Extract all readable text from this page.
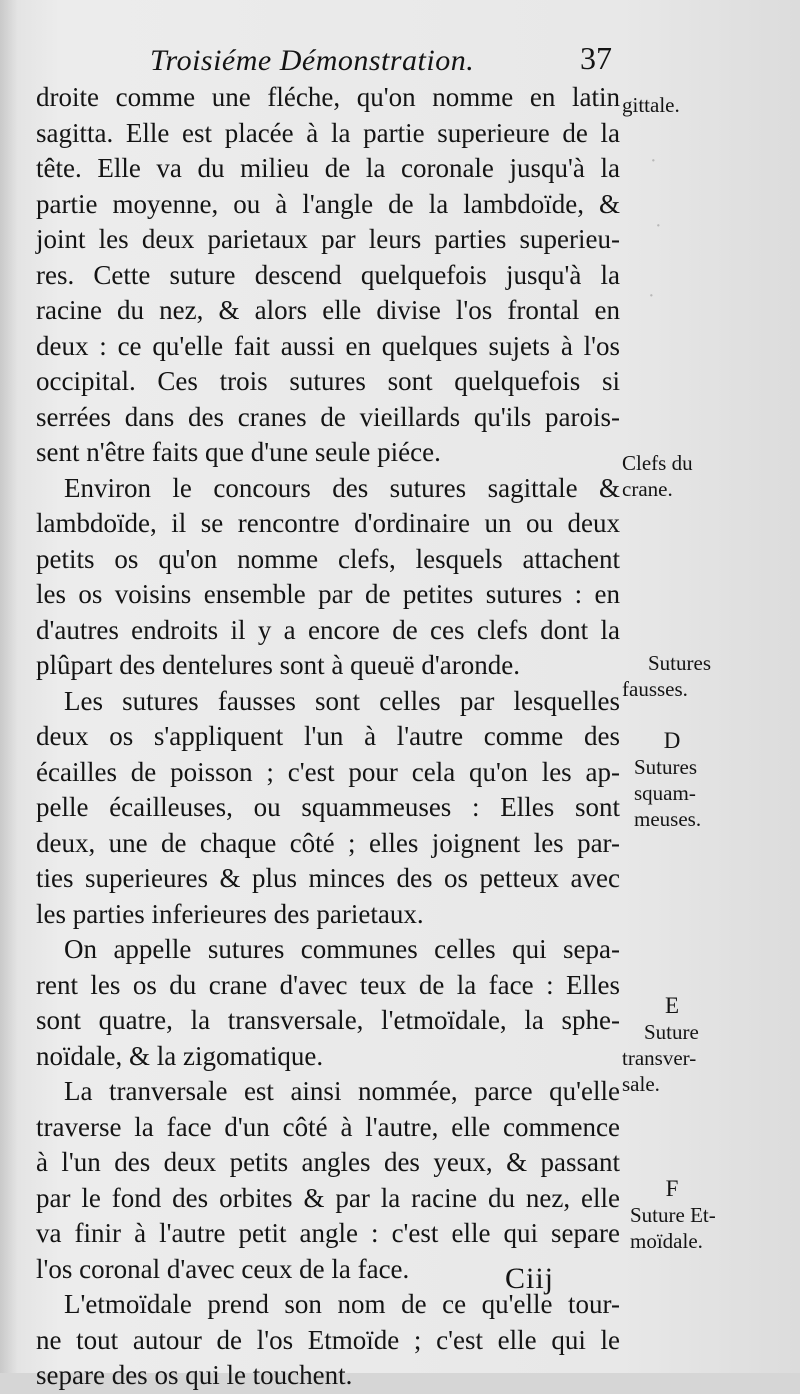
Troisiéme Démonstration.	37
droite comme une fléche, qu'on nomme en latin
sagitta. Elle est placée à la partie superieure de la
tête. Elle va du milieu de la coronale jusqu'à la
partie moyenne, ou à l'angle de la lambdoïde, &
joint les deux parietaux par leurs parties superieu-
res. Cette suture descend quelquefois jusqu'à la
racine du nez, & alors elle divise l'os frontal en
deux : ce qu'elle fait aussi en quelques sujets à l'os
occipital. Ces trois sutures sont quelquefois si
serrées dans des cranes de vieillards qu'ils parois-
sent n'être faits que d'une seule piéce.
Environ le concours des sutures sagittale &
lambdoïde, il se rencontre d'ordinaire un ou deux
petits os qu'on nomme clefs, lesquels attachent
les os voisins ensemble par de petites sutures : en
d'autres endroits il y a encore de ces clefs dont la
plûpart des dentelures sont à queuë d'aronde.
Les sutures fausses sont celles par lesquelles
deux os s'appliquent l'un à l'autre comme des
écailles de poisson ; c'est pour cela qu'on les ap-
pelle écailleuses, ou squammeuses : Elles sont
deux, une de chaque côté ; elles joignent les par-
ties superieures & plus minces des os petteux avec
les parties inferieures des parietaux.
On appelle sutures communes celles qui sepa-
rent les os du crane d'avec teux de la face : Elles
sont quatre, la transversale, l'etmoïdale, la sphe-
noïdale, & la zigomatique.
La tranversale est ainsi nommée, parce qu'elle
traverse la face d'un côté à l'autre, elle commence
à l'un des deux petits angles des yeux, & passant
par le fond des orbites & par la racine du nez, elle
va finir à l'autre petit angle : c'est elle qui separe
l'os coronal d'avec ceux de la face.
L'etmoïdale prend son nom de ce qu'elle tour-
ne tout autour de l'os Etmoïde ; c'est elle qui le
separe des os qui le touchent.
gittale.
Clefs du
crane.
Sutures
fausses.
D
Sutures
squam-
meuses.
E
Suture
transver-
sale.
F
Suture Et-
moïdale.
Ciij
·
·
·
